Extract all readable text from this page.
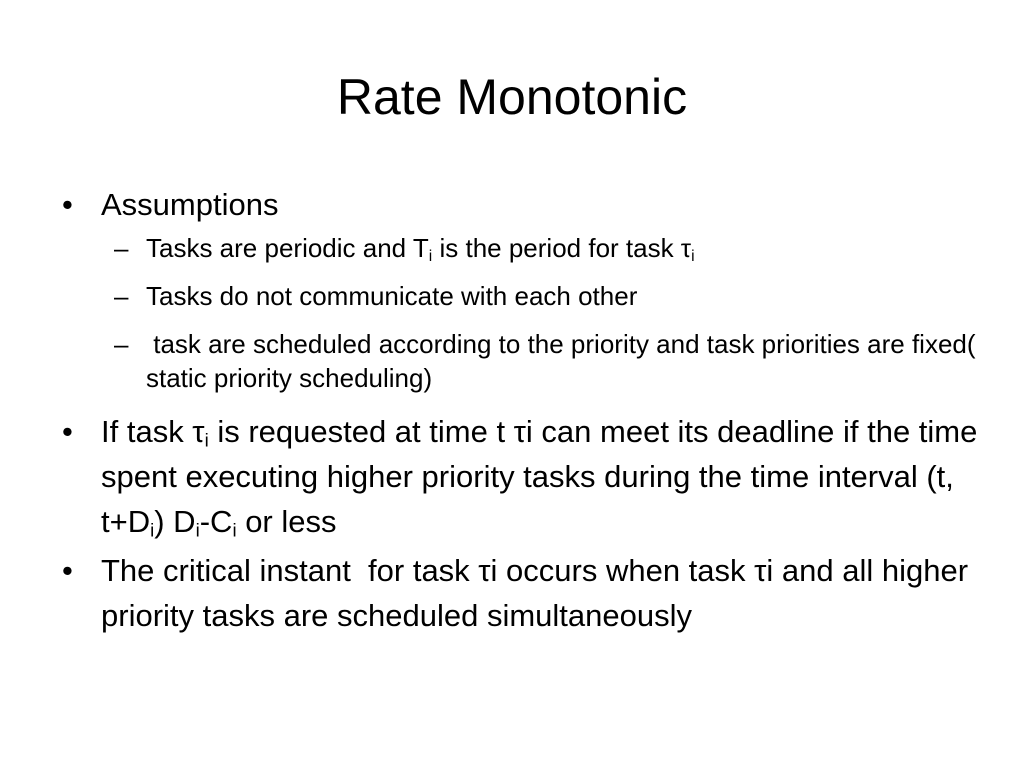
Rate Monotonic
• Assumptions
– Tasks are periodic and $T_i$ is the period for task $\tau_i$
– Tasks do not communicate with each other
– task are scheduled according to the priority and task priorities are fixed( static priority scheduling)
• If task $\tau_i$ is requested at time t τi can meet its deadline if the time spent executing higher priority tasks during the time interval (t, $t+D_i$) $D_i-C_i$ or less
• The critical instant  for task τi occurs when task τi and all higher priority tasks are scheduled simultaneously
